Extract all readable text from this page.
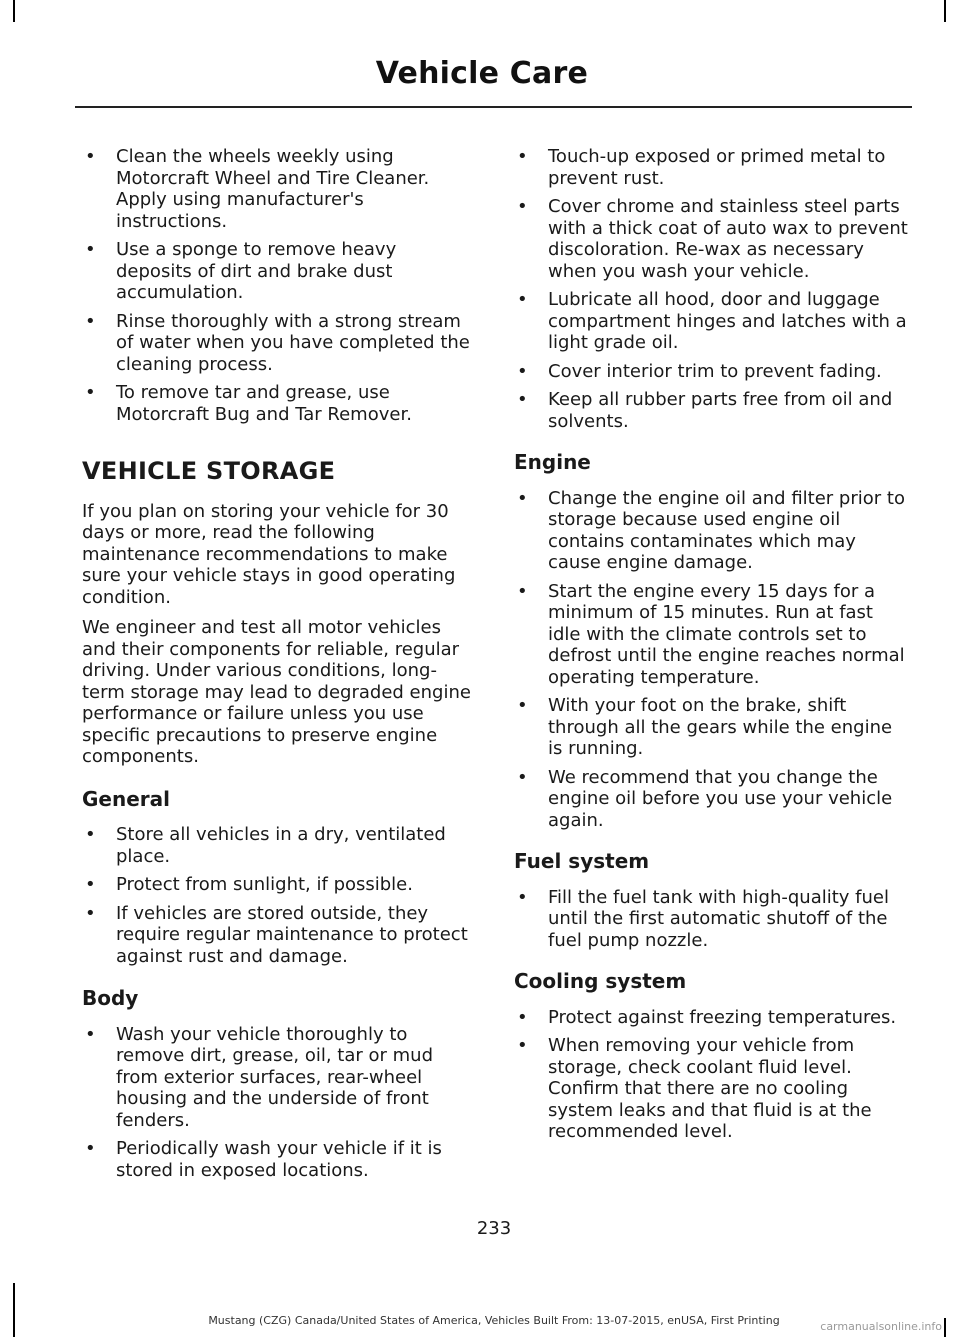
Vehicle Care
• Clean the wheels weekly using Motorcraft Wheel and Tire Cleaner. Apply using manufacturer's instructions.
• Use a sponge to remove heavy deposits of dirt and brake dust accumulation.
• Rinse thoroughly with a strong stream of water when you have completed the cleaning process.
• To remove tar and grease, use Motorcraft Bug and Tar Remover.
VEHICLE STORAGE

If you plan on storing your vehicle for 30 days or more, read the following maintenance recommendations to make sure your vehicle stays in good operating condition.

We engineer and test all motor vehicles and their components for reliable, regular driving. Under various conditions, long-term storage may lead to degraded engine performance or failure unless you use specific precautions to preserve engine components.

General
• Store all vehicles in a dry, ventilated place.
• Protect from sunlight, if possible.
• If vehicles are stored outside, they require regular maintenance to protect against rust and damage.
Body
• Wash your vehicle thoroughly to remove dirt, grease, oil, tar or mud from exterior surfaces, rear-wheel housing and the underside of front fenders.
• Periodically wash your vehicle if it is stored in exposed locations.
• Touch-up exposed or primed metal to prevent rust.
• Cover chrome and stainless steel parts with a thick coat of auto wax to prevent discoloration. Re-wax as necessary when you wash your vehicle.
• Lubricate all hood, door and luggage compartment hinges and latches with a light grade oil.
• Cover interior trim to prevent fading.
• Keep all rubber parts free from oil and solvents.
Engine
• Change the engine oil and filter prior to storage because used engine oil contains contaminates which may cause engine damage.
• Start the engine every 15 days for a minimum of 15 minutes. Run at fast idle with the climate controls set to defrost until the engine reaches normal operating temperature.
• With your foot on the brake, shift through all the gears while the engine is running.
• We recommend that you change the engine oil before you use your vehicle again.
Fuel system
• Fill the fuel tank with high-quality fuel until the first automatic shutoff of the fuel pump nozzle.
Cooling system
• Protect against freezing temperatures.
• When removing your vehicle from storage, check coolant fluid level. Confirm that there are no cooling system leaks and that fluid is at the recommended level.
233
Mustang (CZG) Canada/United States of America, Vehicles Built From: 13-07-2015, enUSA, First Printing	carmanualsonline.info
